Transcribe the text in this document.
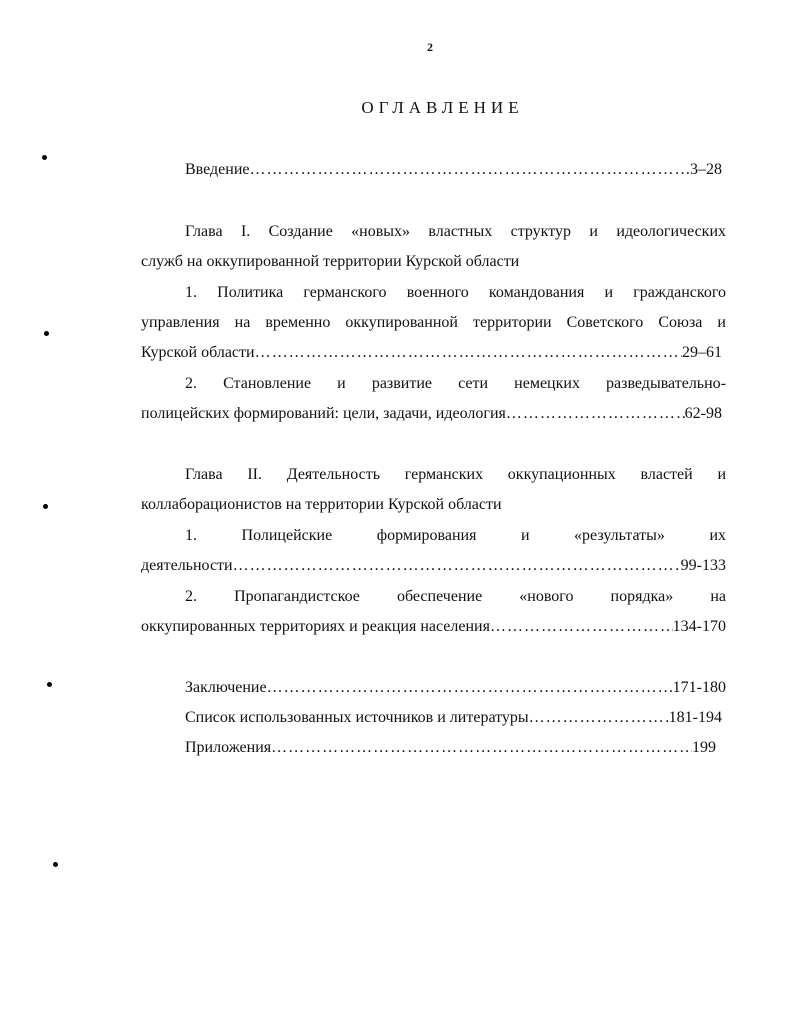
2
ОГЛАВЛЕНИЕ
Введение ………………………………………………………………………………………………………………………………………………	3–28
Глава I. Создание «новых» властных структур и идеологических
служб на оккупированной территории Курской области
1. Политика германского военного командования и гражданского
управления на временно оккупированной территории Советского Союза и
Курской области ………………………………………………………………………………………………………………………………………………	29–61
2. Становление и развитие сети немецких разведывательно-
полицейских формирований: цели, задачи, идеология ………………………………………………………………………………………………………………………………………………	62-98
Глава II. Деятельность германских оккупационных властей и
коллаборационистов на территории Курской области
1. Полицейские формирования и «результаты» их
деятельности ………………………………………………………………………………………………………………………………………………	99-133
2. Пропагандистское обеспечение «нового порядка» на
оккупированных территориях и реакция населения ………………………………………………………………………………………………………………………………………………	134-170
Заключение ………………………………………………………………………………………………………………………………………………	171-180
Список использованных источников и литературы ………………………………………………………………………………………………………………………………………………	181-194
Приложения ………………………………………………………………………………………………………………………………………………	199
